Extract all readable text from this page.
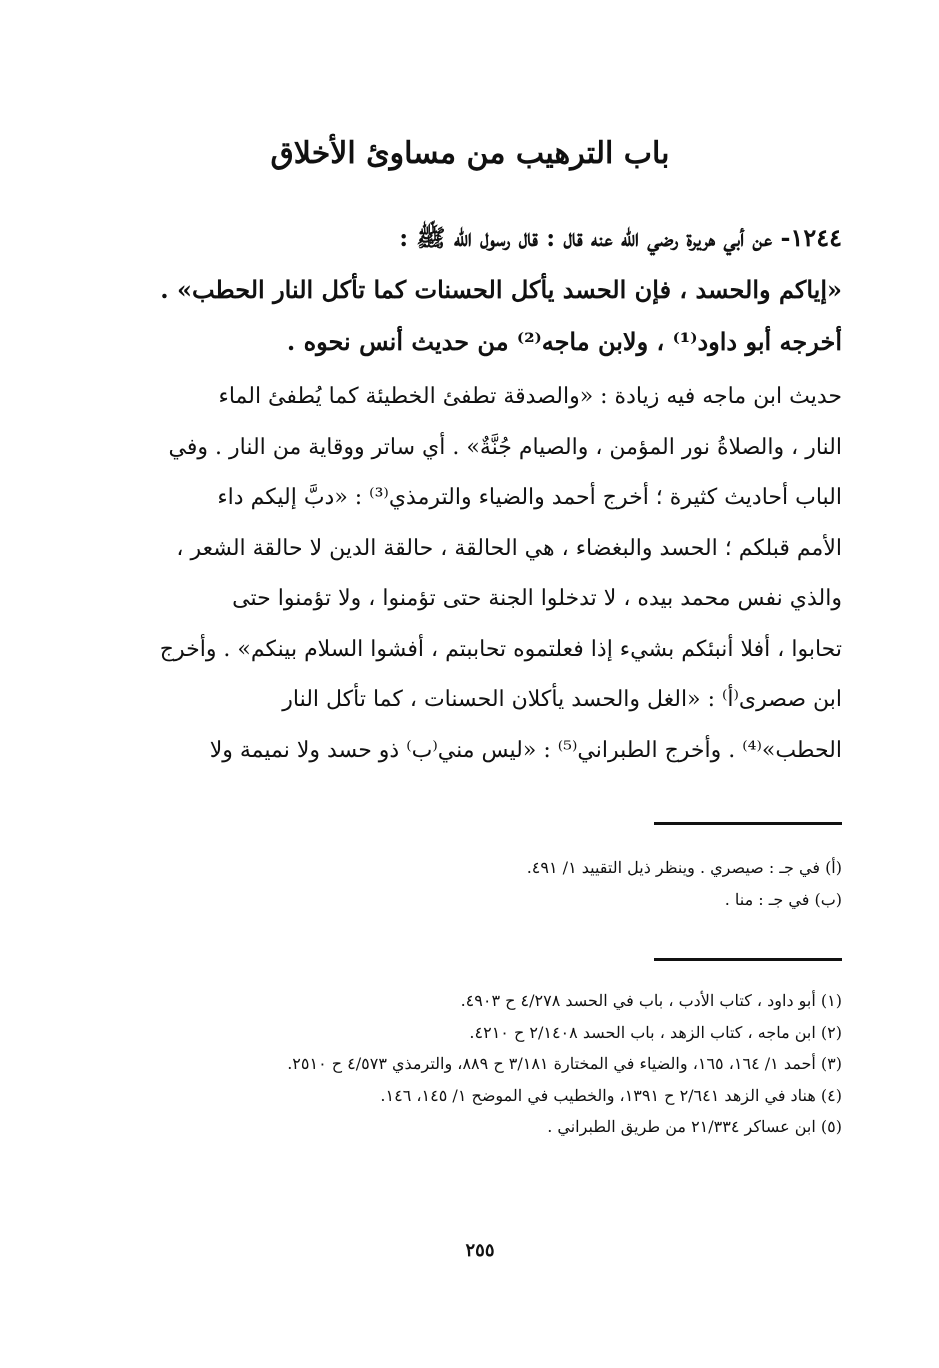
باب الترهيب من مساوئ الأخلاق
١٢٤٤- عن أبي هريرة رضي الله عنه قال : قال رسول الله ﷺ :
«إياكم والحسد ، فإن الحسد يأكل الحسنات كما تأكل النار الحطب» .
أخرجه أبو داود⁽¹⁾ ، ولابن ماجه⁽²⁾ من حديث أنس نحوه .
حديث ابن ماجه فيه زيادة : «والصدقة تطفئ الخطيئة كما يُطفئ الماء
النار ، والصلاةُ نور المؤمن ، والصيام جُنَّةٌ» . أي ساتر ووقاية من النار . وفي
الباب أحاديث كثيرة ؛ أخرج أحمد والضياء والترمذي⁽³⁾ : «دبَّ إليكم داء
الأمم قبلكم ؛ الحسد والبغضاء ، هي الحالقة ، حالقة الدين لا حالقة الشعر ،
والذي نفس محمد بيده ، لا تدخلوا الجنة حتى تؤمنوا ، ولا تؤمنوا حتى
تحابوا ، أفلا أنبئكم بشيء إذا فعلتموه تحاببتم ، أفشوا السلام بينكم» . وأخرج
ابن صصرى⁽أ⁾ : «الغل والحسد يأكلان الحسنات ، كما تأكل النار
الحطب»⁽⁴⁾ . وأخرج الطبراني⁽⁵⁾ : «ليس مني⁽ب⁾ ذو حسد ولا نميمة ولا
(أ) في جـ : صيصري . وينظر ذيل التقييد ١/ ٤٩١.
(ب) في جـ : منا .
(١) أبو داود ، كتاب الأدب ، باب في الحسد ٤/٢٧٨ ح ٤٩٠٣.
(٢) ابن ماجه ، كتاب الزهد ، باب الحسد ٢/١٤٠٨ ح ٤٢١٠.
(٣) أحمد ١/ ١٦٤، ١٦٥، والضياء في المختارة ٣/١٨١ ح ٨٨٩، والترمذي ٤/٥٧٣ ح ٢٥١٠.
(٤) هناد في الزهد ٢/٦٤١ ح ١٣٩١، والخطيب في الموضح ١/ ١٤٥، ١٤٦.
(٥) ابن عساكر ٢١/٣٣٤ من طريق الطبراني .
٢٥٥
